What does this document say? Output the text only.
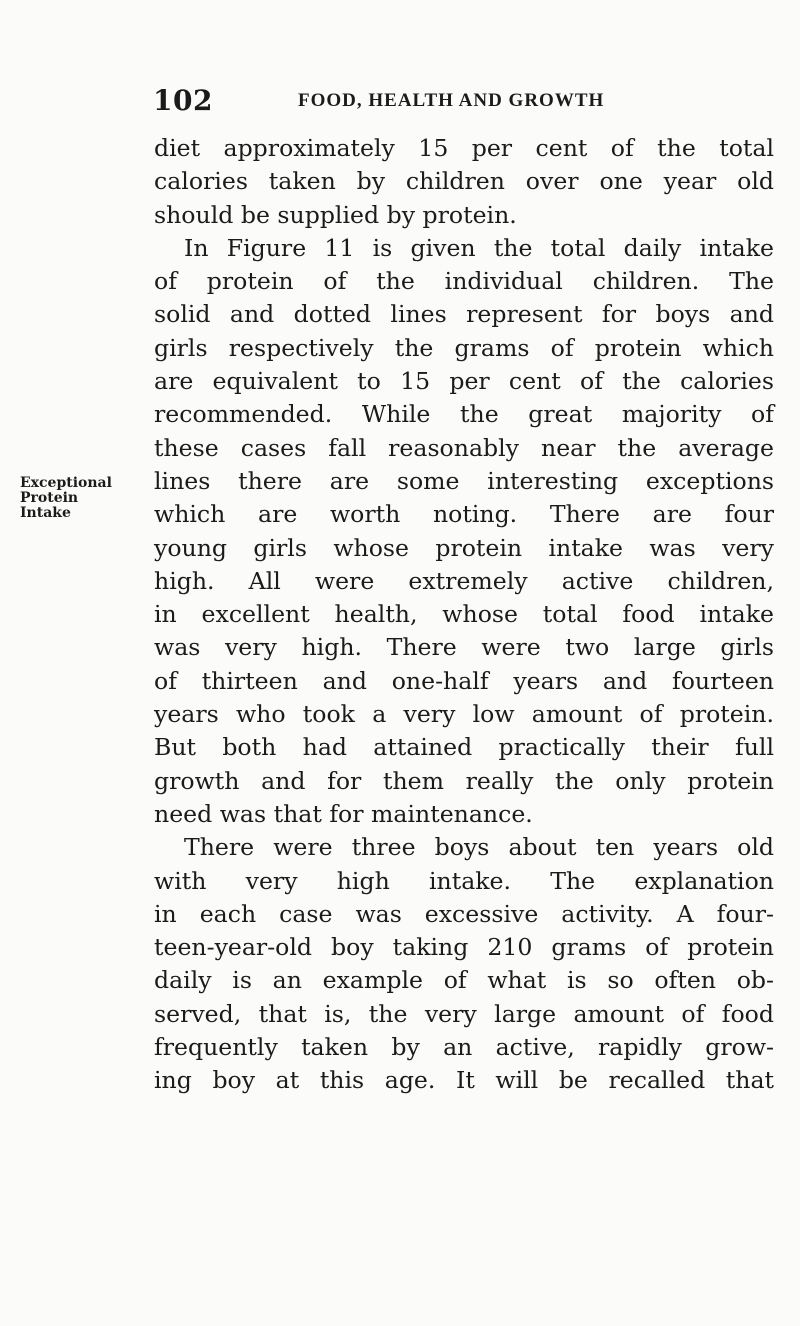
102	FOOD, HEALTH AND GROWTH
Exceptional
Protein
Intake
diet approximately 15 per cent of the total
calories taken by children over one year old
should be supplied by protein.
In Figure 11 is given the total daily intake
of protein of the individual children. The
solid and dotted lines represent for boys and
girls respectively the grams of protein which
are equivalent to 15 per cent of the calories
recommended. While the great majority of
these cases fall reasonably near the average
lines there are some interesting exceptions
which are worth noting. There are four
young girls whose protein intake was very
high. All were extremely active children,
in excellent health, whose total food intake
was very high. There were two large girls
of thirteen and one-half years and fourteen
years who took a very low amount of protein.
But both had attained practically their full
growth and for them really the only protein
need was that for maintenance.
There were three boys about ten years old
with very high intake. The explanation
in each case was excessive activity. A four-
teen-year-old boy taking 210 grams of protein
daily is an example of what is so often ob-
served, that is, the very large amount of food
frequently taken by an active, rapidly grow-
ing boy at this age. It will be recalled that
